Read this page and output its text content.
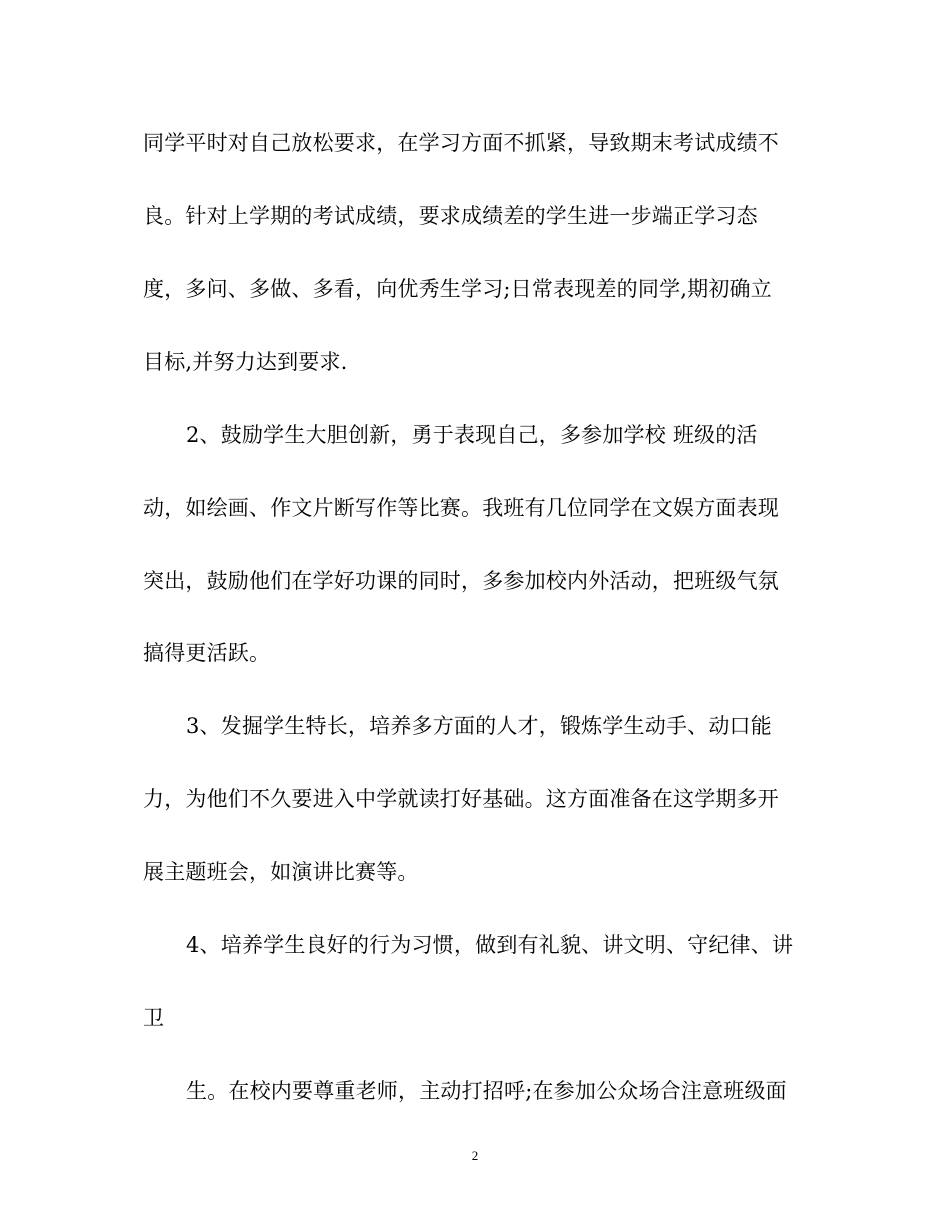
同学平时对自己放松要求，在学习方面不抓紧，导致期末考试成绩不
良。针对上学期的考试成绩，要求成绩差的学生进一步端正学习态
度，多问、多做、多看，向优秀生学习;日常表现差的同学,期初确立
目标,并努力达到要求.
2、鼓励学生大胆创新，勇于表现自己，多参加学校 班级的活
动，如绘画、作文片断写作等比赛。我班有几位同学在文娱方面表现
突出，鼓励他们在学好功课的同时，多参加校内外活动，把班级气氛
搞得更活跃。
3、发掘学生特长，培养多方面的人才，锻炼学生动手、动口能
力，为他们不久要进入中学就读打好基础。这方面准备在这学期多开
展主题班会，如演讲比赛等。
4、培养学生良好的行为习惯，做到有礼貌、讲文明、守纪律、讲
卫
生。在校内要尊重老师，主动打招呼;在参加公众场合注意班级面
2
